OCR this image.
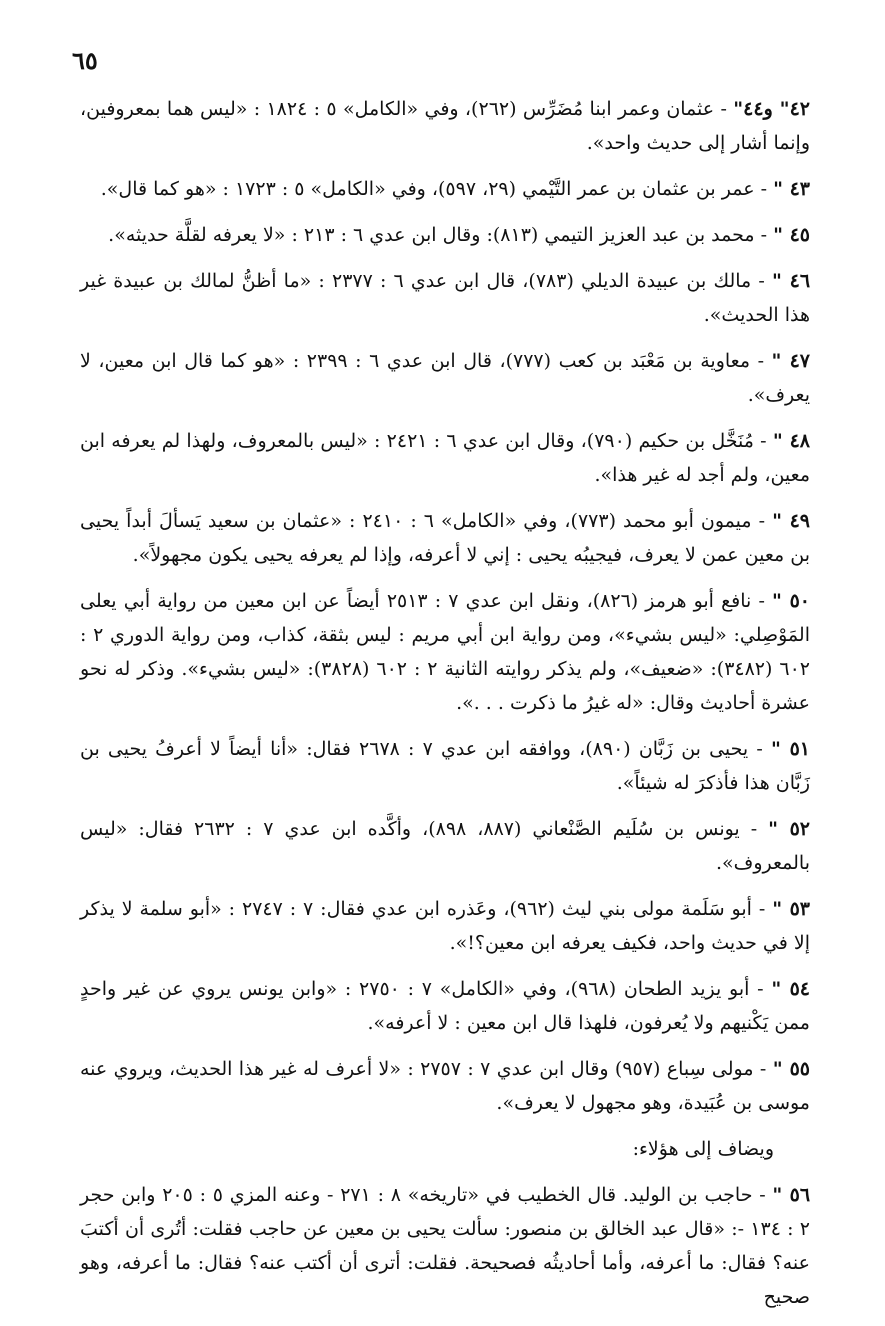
٦٥

٤٢" و٤٤" - عثمان وعمر ابنا مُضَرِّس (٢٦٢)، وفي «الكامل» ٥ : ١٨٢٤ : «ليس هما بمعروفين، وإنما أشار إلى حديث واحد».

٤٣ " - عمر بن عثمان بن عمر التَّيْمي (٢٩، ٥٩٧)، وفي «الكامل» ٥ : ١٧٢٣ : «هو كما قال».

٤٥ " - محمد بن عبد العزيز التيمي (٨١٣): وقال ابن عدي ٦ : ٢١٣ : «لا يعرفه لقلَّة حديثه».

٤٦ " - مالك بن عبيدة الديلي (٧٨٣)، قال ابن عدي ٦ : ٢٣٧٧ : «ما أظنُّ لمالك بن عبيدة غير هذا الحديث».

٤٧ " - معاوية بن مَعْبَد بن كعب (٧٧٧)، قال ابن عدي ٦ : ٢٣٩٩ : «هو كما قال ابن معين، لا يعرف».

٤٨ " - مُنَخَّل بن حكيم (٧٩٠)، وقال ابن عدي ٦ : ٢٤٢١ : «ليس بالمعروف، ولهذا لم يعرفه ابن معين، ولم أجد له غير هذا».

٤٩ " - ميمون أبو محمد (٧٧٣)، وفي «الكامل» ٦ : ٢٤١٠ : «عثمان بن سعيد يَسألَ أبداً يحيى بن معين عمن لا يعرف، فيجيبُه يحيى : إني لا أعرفه، وإذا لم يعرفه يحيى يكون مجهولاً».

٥٠ " - نافع أبو هرمز (٨٢٦)، ونقل ابن عدي ٧ : ٢٥١٣ أيضاً عن ابن معين من رواية أبي يعلى المَوْصِلي: «ليس بشيء»، ومن رواية ابن أبي مريم : ليس بثقة، كذاب، ومن رواية الدوري ٢ : ٦٠٢ (٣٤٨٢): «ضعيف»، ولم يذكر روايته الثانية ٢ : ٦٠٢ (٣٨٢٨): «ليس بشيء». وذكر له نحو عشرة أحاديث وقال: «له غيرُ ما ذكرت . . .».

٥١ " - يحيى بن زَبَّان (٨٩٠)، ووافقه ابن عدي ٧ : ٢٦٧٨ فقال: «أنا أيضاً لا أعرفُ يحيى بن زَبَّان هذا فأذكرَ له شيئاً».

٥٢ " - يونس بن سُلَيم الصَّنْعاني (٨٨٧، ٨٩٨)، وأكَّده ابن عدي ٧ : ٢٦٣٢ فقال: «ليس بالمعروف».

٥٣ " - أبو سَلَمة مولى بني ليث (٩٦٢)، وعَذره ابن عدي فقال: ٧ : ٢٧٤٧ : «أبو سلمة لا يذكر إلا في حديث واحد، فكيف يعرفه ابن معين؟!».

٥٤ " - أبو يزيد الطحان (٩٦٨)، وفي «الكامل» ٧ : ٢٧٥٠ : «وابن يونس يروي عن غير واحدٍ ممن يَكْنيهم ولا يُعرفون، فلهذا قال ابن معين : لا أعرفه».

٥٥ " - مولى سِباع (٩٥٧) وقال ابن عدي ٧ : ٢٧٥٧ : «لا أعرف له غير هذا الحديث، ويروي عنه موسى بن عُبَيدة، وهو مجهول لا يعرف».

ويضاف إلى هؤلاء:

٥٦ " - حاجب بن الوليد. قال الخطيب في «تاريخه» ٨ : ٢٧١ - وعنه المزي ٥ : ٢٠٥ وابن حجر ٢ : ١٣٤ -: «قال عبد الخالق بن منصور: سألت يحيى بن معين عن حاجب فقلت: أتُرى أن أكتبَ عنه؟ فقال: ما أعرفه، وأما أحاديثُه فصحيحة. فقلت: أترى أن أكتب عنه؟ فقال: ما أعرفه، وهو صحيح
